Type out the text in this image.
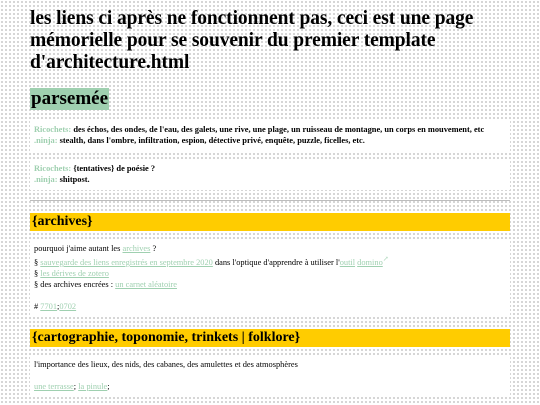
les liens ci après ne fonctionnent pas, ceci est une page mémorielle pour se souvenir du premier template d'architecture.html
parsemée
Ricochets: des échos, des ondes, de l'eau, des galets, une rive, une plage, un ruisseau de montagne, un corps en mouvement, etc
.ninja: stealth, dans l'ombre, infiltration, espion, détective privé, enquête, puzzle, ficelles, etc.
Ricochets: {tentatives} de poésie ?
.ninja: shitpost.
{archives}

pourquoi j'aime autant les archives ?

§ sauvegarde des liens enregistrés en septembre 2020 dans l'optique d'apprendre à utiliser l'outil domino↗

§ les dérives de zotero

§ des archives encrées : un carnet aléatoire

# 7701;0702

{cartographie, toponomie, trinkets | folklore}

l'importance des lieux, des nids, des cabanes, des amulettes et des atmosphères

une terrasse; la pinule;
